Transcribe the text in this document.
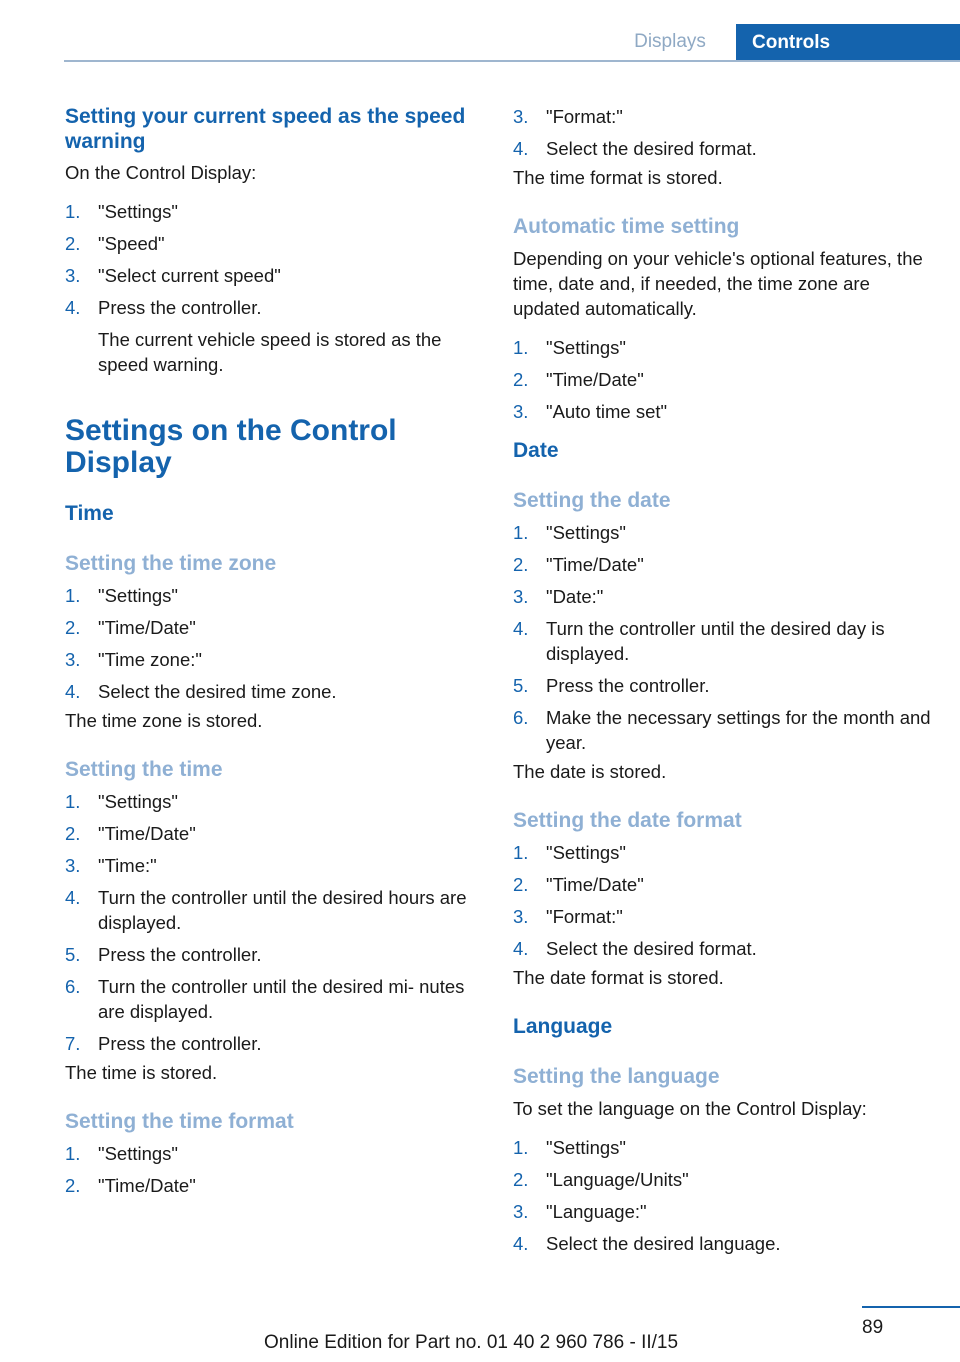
Displays	Controls
Setting your current speed as the speed warning
On the Control Display:
1. "Settings"
2. "Speed"
3. "Select current speed"
4. Press the controller.
The current vehicle speed is stored as the speed warning.
Settings on the Control Display
Time
Setting the time zone
1. "Settings"
2. "Time/Date"
3. "Time zone:"
4. Select the desired time zone.
The time zone is stored.
Setting the time
1. "Settings"
2. "Time/Date"
3. "Time:"
4. Turn the controller until the desired hours are displayed.
5. Press the controller.
6. Turn the controller until the desired mi‐ nutes are displayed.
7. Press the controller.
The time is stored.
Setting the time format
1. "Settings"
2. "Time/Date"
3. "Format:"
4. Select the desired format.
The time format is stored.
Automatic time setting
Depending on your vehicle's optional features, the time, date and, if needed, the time zone are updated automatically.
1. "Settings"
2. "Time/Date"
3. "Auto time set"
Date
Setting the date
1. "Settings"
2. "Time/Date"
3. "Date:"
4. Turn the controller until the desired day is displayed.
5. Press the controller.
6. Make the necessary settings for the month and year.
The date is stored.
Setting the date format
1. "Settings"
2. "Time/Date"
3. "Format:"
4. Select the desired format.
The date format is stored.
Language
Setting the language
To set the language on the Control Display:
1. "Settings"
2. "Language/Units"
3. "Language:"
4. Select the desired language.
89
Online Edition for Part no. 01 40 2 960 786 - II/15
